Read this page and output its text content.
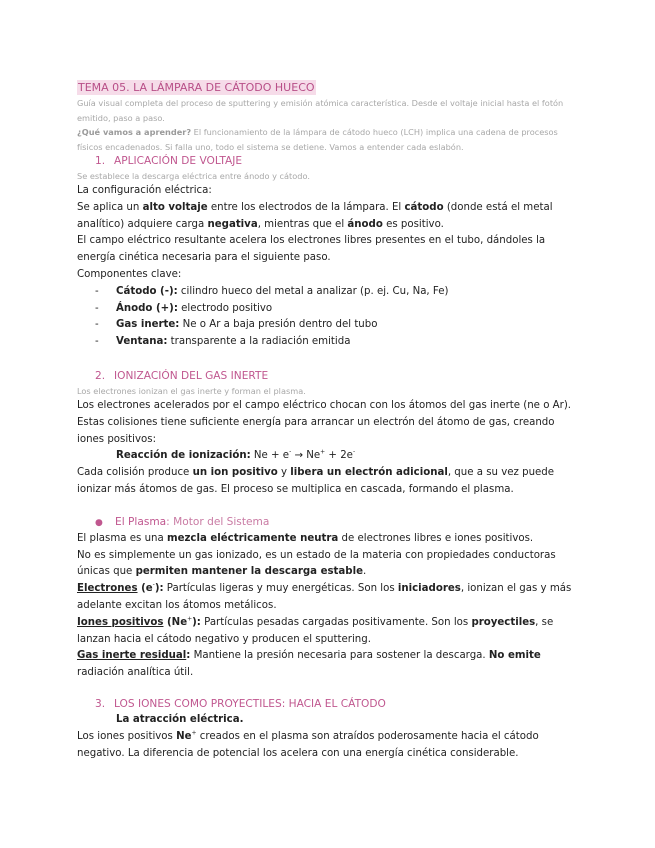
TEMA 05. LA LÁMPARA DE CÁTODO HUECO

Guía visual completa del proceso de sputtering y emisión atómica característica. Desde el voltaje inicial hasta el fotón emitido, paso a paso.

¿Qué vamos a aprender? El funcionamiento de la lámpara de cátodo hueco (LCH) implica una cadena de procesos físicos encadenados. Si falla uno, todo el sistema se detiene. Vamos a entender cada eslabón.

1. APLICACIÓN DE VOLTAJE

Se establece la descarga eléctrica entre ánodo y cátodo.

La configuración eléctrica:

Se aplica un alto voltaje entre los electrodos de la lámpara. El cátodo (donde está el metal analítico) adquiere carga negativa, mientras que el ánodo es positivo.

El campo eléctrico resultante acelera los electrones libres presentes en el tubo, dándoles la energía cinética necesaria para el siguiente paso.

Componentes clave:

- Cátodo (-): cilindro hueco del metal a analizar (p. ej. Cu, Na, Fe)
- Ánodo (+): electrodo positivo
- Gas inerte: Ne o Ar a baja presión dentro del tubo
- Ventana: transparente a la radiación emitida

2. IONIZACIÓN DEL GAS INERTE

Los electrones ionizan el gas inerte y forman el plasma.

Los electrones acelerados por el campo eléctrico chocan con los átomos del gas inerte (ne o Ar). Estas colisiones tiene suficiente energía para arrancar un electrón del átomo de gas, creando iones positivos:

Reacción de ionización: Ne + e- → Ne+ + 2e-

Cada colisión produce un ion positivo y libera un electrón adicional, que a su vez puede ionizar más átomos de gas. El proceso se multiplica en cascada, formando el plasma.

● El Plasma: Motor del Sistema

El plasma es una mezcla eléctricamente neutra de electrones libres e iones positivos.

No es simplemente un gas ionizado, es un estado de la materia con propiedades conductoras únicas que permiten mantener la descarga estable.

Electrones (e-): Partículas ligeras y muy energéticas. Son los iniciadores, ionizan el gas y más adelante excitan los átomos metálicos.

Iones positivos (Ne+): Partículas pesadas cargadas positivamente. Son los proyectiles, se lanzan hacia el cátodo negativo y producen el sputtering.

Gas inerte residual: Mantiene la presión necesaria para sostener la descarga. No emite radiación analítica útil.

3. LOS IONES COMO PROYECTILES: HACIA EL CÁTODO

La atracción eléctrica.

Los iones positivos Ne+ creados en el plasma son atraídos poderosamente hacia el cátodo negativo. La diferencia de potencial los acelera con una energía cinética considerable.
